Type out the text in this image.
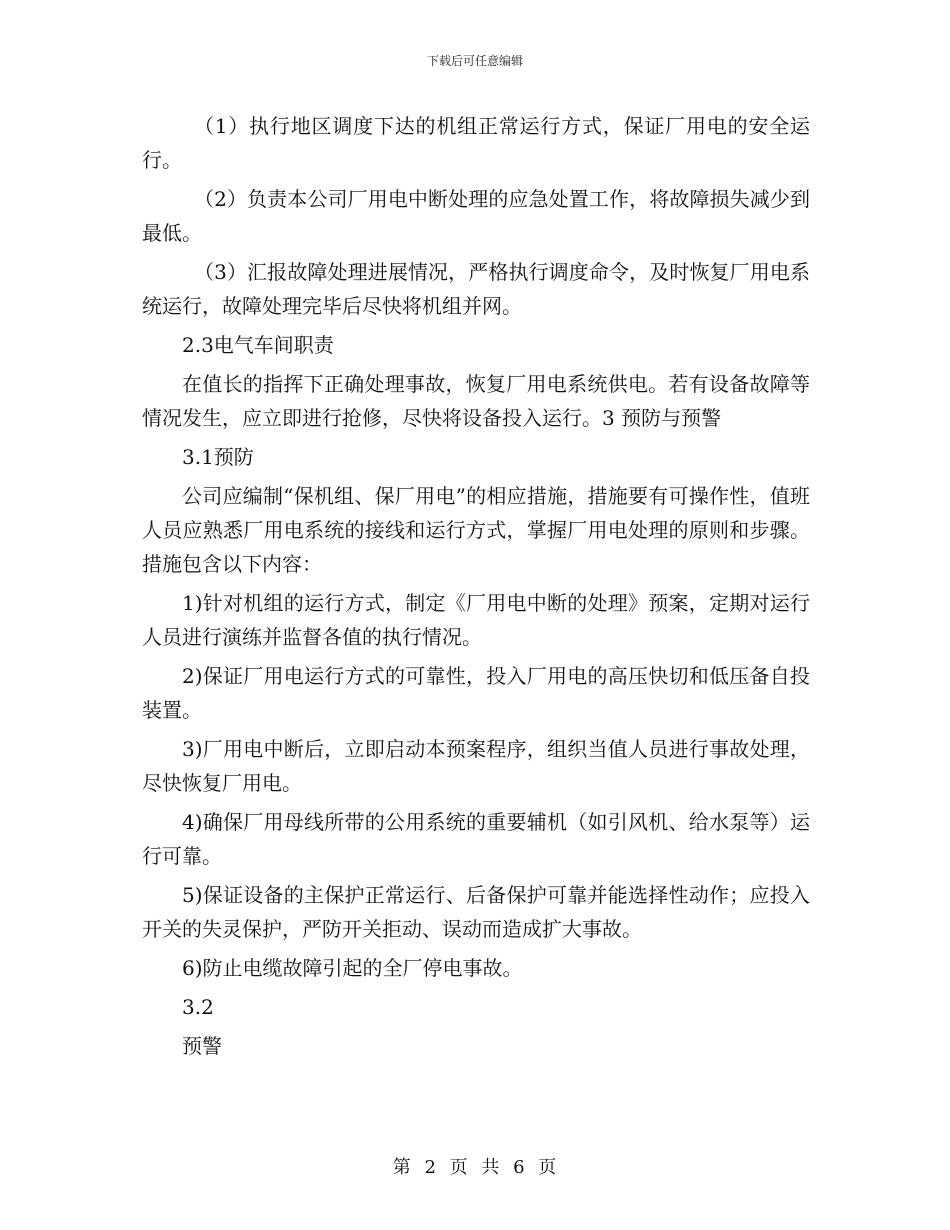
下载后可任意编辑

（1）执行地区调度下达的机组正常运行方式，保证厂用电的安全运行。

（2）负责本公司厂用电中断处理的应急处置工作，将故障损失减少到最低。

（3）汇报故障处理进展情况，严格执行调度命令，及时恢复厂用电系统运行，故障处理完毕后尽快将机组并网。

2.3电气车间职责

在值长的指挥下正确处理事故，恢复厂用电系统供电。若有设备故障等情况发生，应立即进行抢修，尽快将设备投入运行。3 预防与预警

3.1预防

公司应编制“保机组、保厂用电”的相应措施，措施要有可操作性，值班人员应熟悉厂用电系统的接线和运行方式，掌握厂用电处理的原则和步骤。措施包含以下内容：

1)针对机组的运行方式，制定《厂用电中断的处理》预案，定期对运行人员进行演练并监督各值的执行情况。

2)保证厂用电运行方式的可靠性，投入厂用电的高压快切和低压备自投装置。

3)厂用电中断后，立即启动本预案程序，组织当值人员进行事故处理，尽快恢复厂用电。

4)确保厂用母线所带的公用系统的重要辅机（如引风机、给水泵等）运行可靠。

5)保证设备的主保护正常运行、后备保护可靠并能选择性动作；应投入开关的失灵保护，严防开关拒动、误动而造成扩大事故。

6)防止电缆故障引起的全厂停电事故。

3.2

预警

第 2 页 共 6 页
